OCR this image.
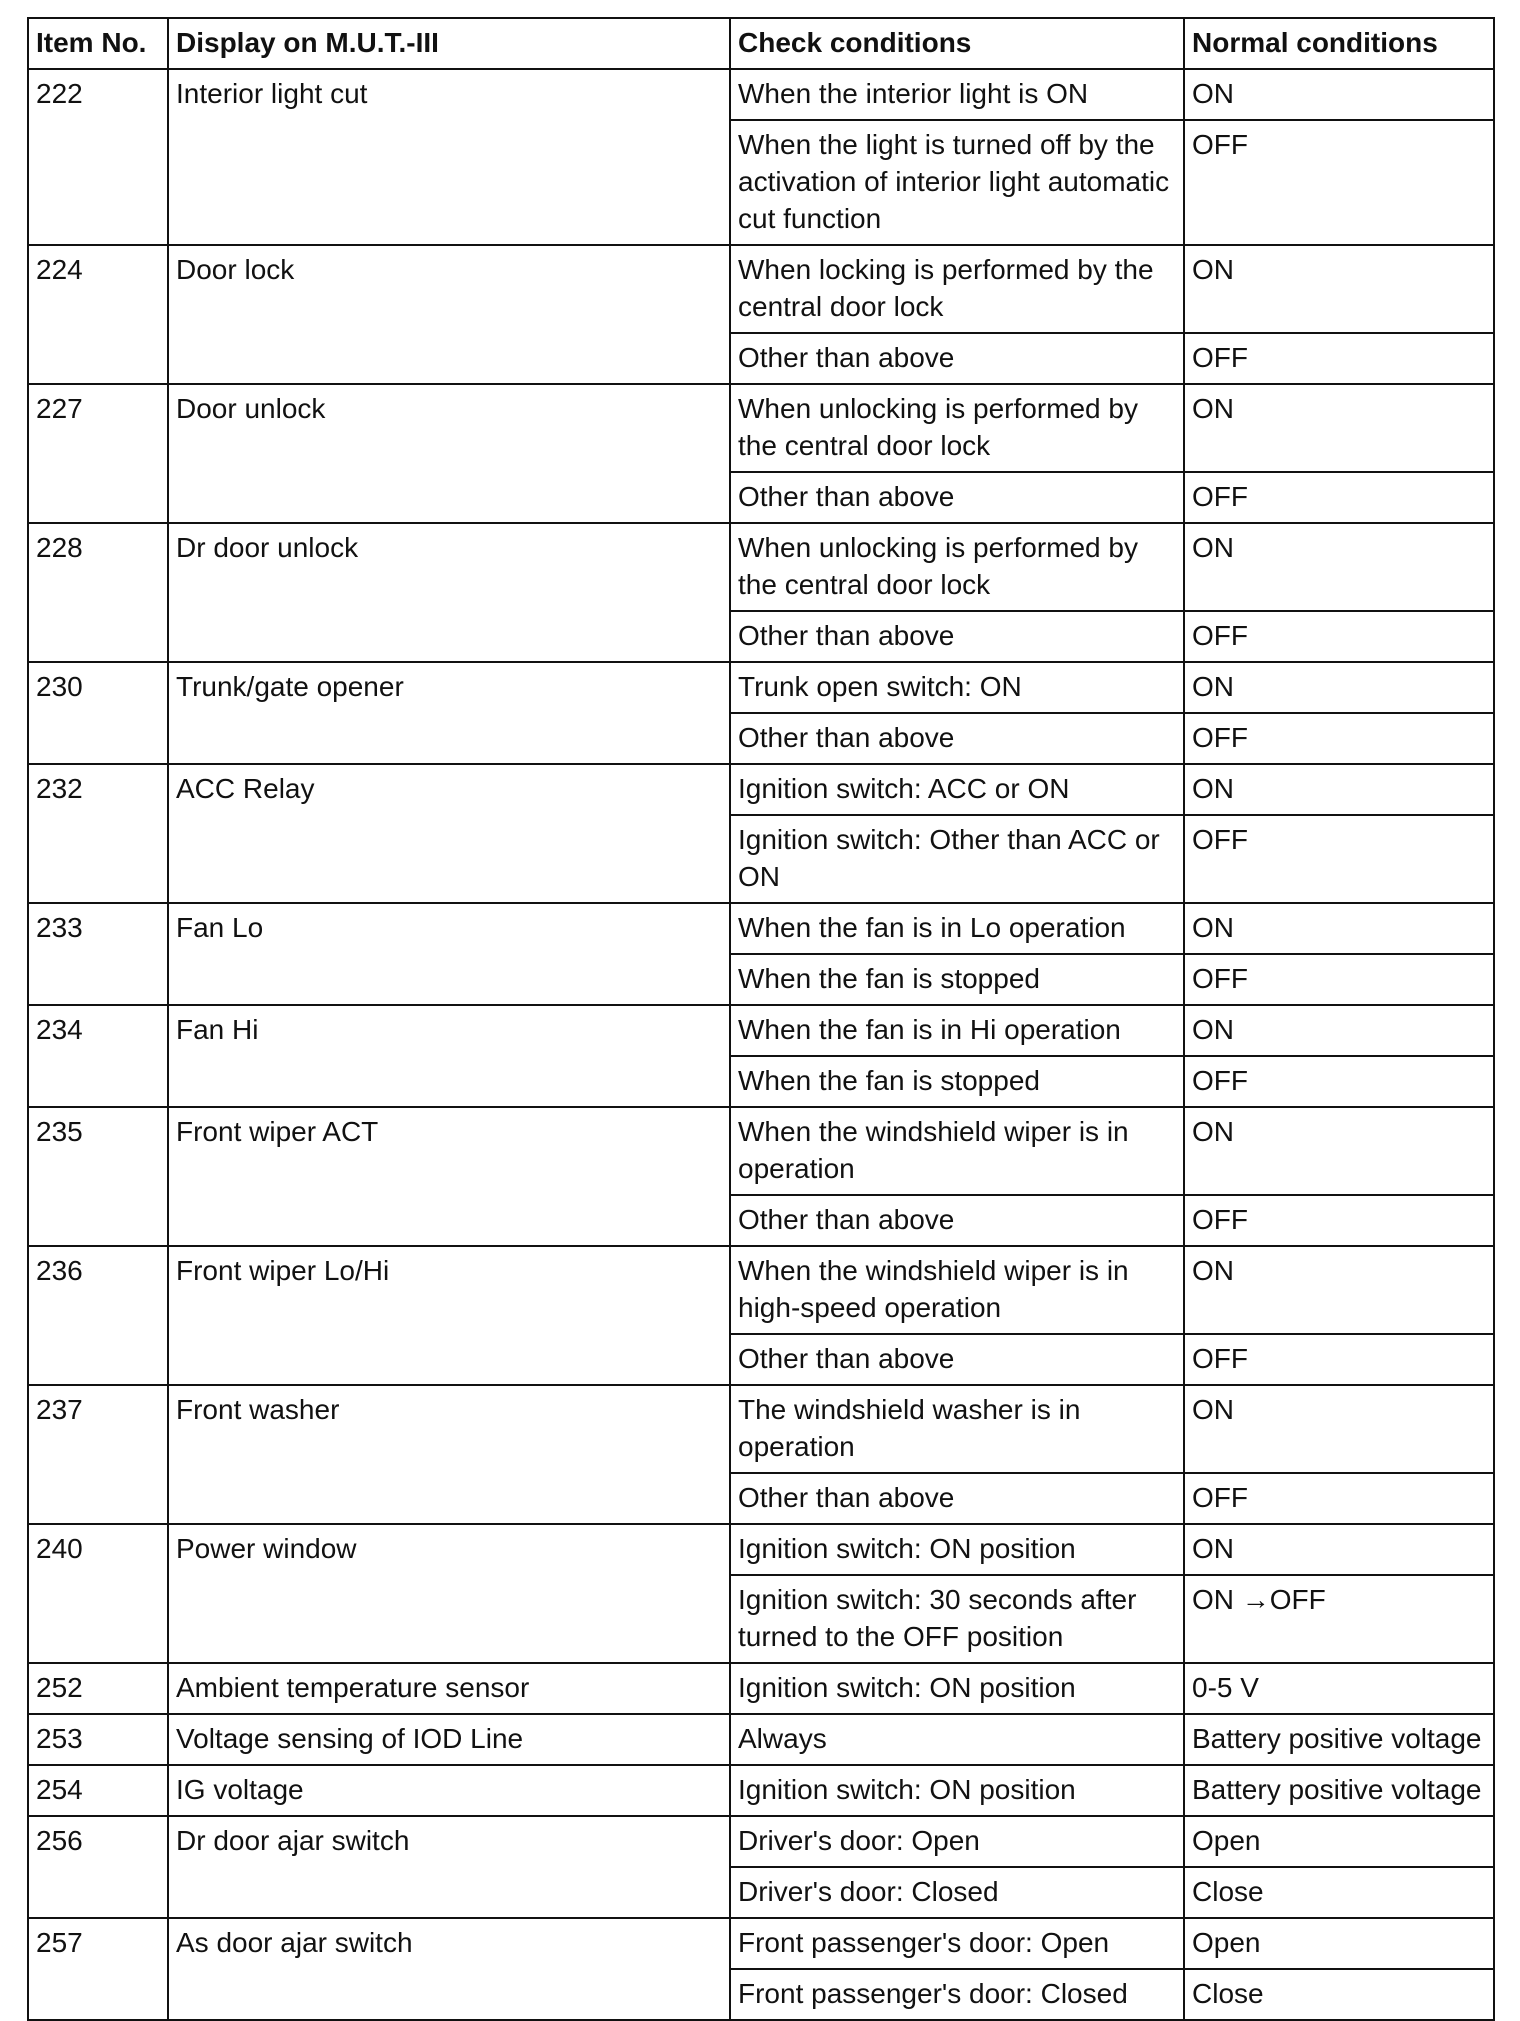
Item No.	Display on M.U.T.-III	Check conditions	Normal conditions
222	Interior light cut	When the interior light is ON	ON
		When the light is turned off by the activation of interior light automatic cut function	OFF
224	Door lock	When locking is performed by the central door lock	ON
		Other than above	OFF
227	Door unlock	When unlocking is performed by the central door lock	ON
		Other than above	OFF
228	Dr door unlock	When unlocking is performed by the central door lock	ON
		Other than above	OFF
230	Trunk/gate opener	Trunk open switch: ON	ON
		Other than above	OFF
232	ACC Relay	Ignition switch: ACC or ON	ON
		Ignition switch: Other than ACC or ON	OFF
233	Fan Lo	When the fan is in Lo operation	ON
		When the fan is stopped	OFF
234	Fan Hi	When the fan is in Hi operation	ON
		When the fan is stopped	OFF
235	Front wiper ACT	When the windshield wiper is in operation	ON
		Other than above	OFF
236	Front wiper Lo/Hi	When the windshield wiper is in high-speed operation	ON
		Other than above	OFF
237	Front washer	The windshield washer is in operation	ON
		Other than above	OFF
240	Power window	Ignition switch: ON position	ON
		Ignition switch: 30 seconds after turned to the OFF position	ON →OFF
252	Ambient temperature sensor	Ignition switch: ON position	0-5 V
253	Voltage sensing of IOD Line	Always	Battery positive voltage
254	IG voltage	Ignition switch: ON position	Battery positive voltage
256	Dr door ajar switch	Driver's door: Open	Open
		Driver's door: Closed	Close
257	As door ajar switch	Front passenger's door: Open	Open
		Front passenger's door: Closed	Close
